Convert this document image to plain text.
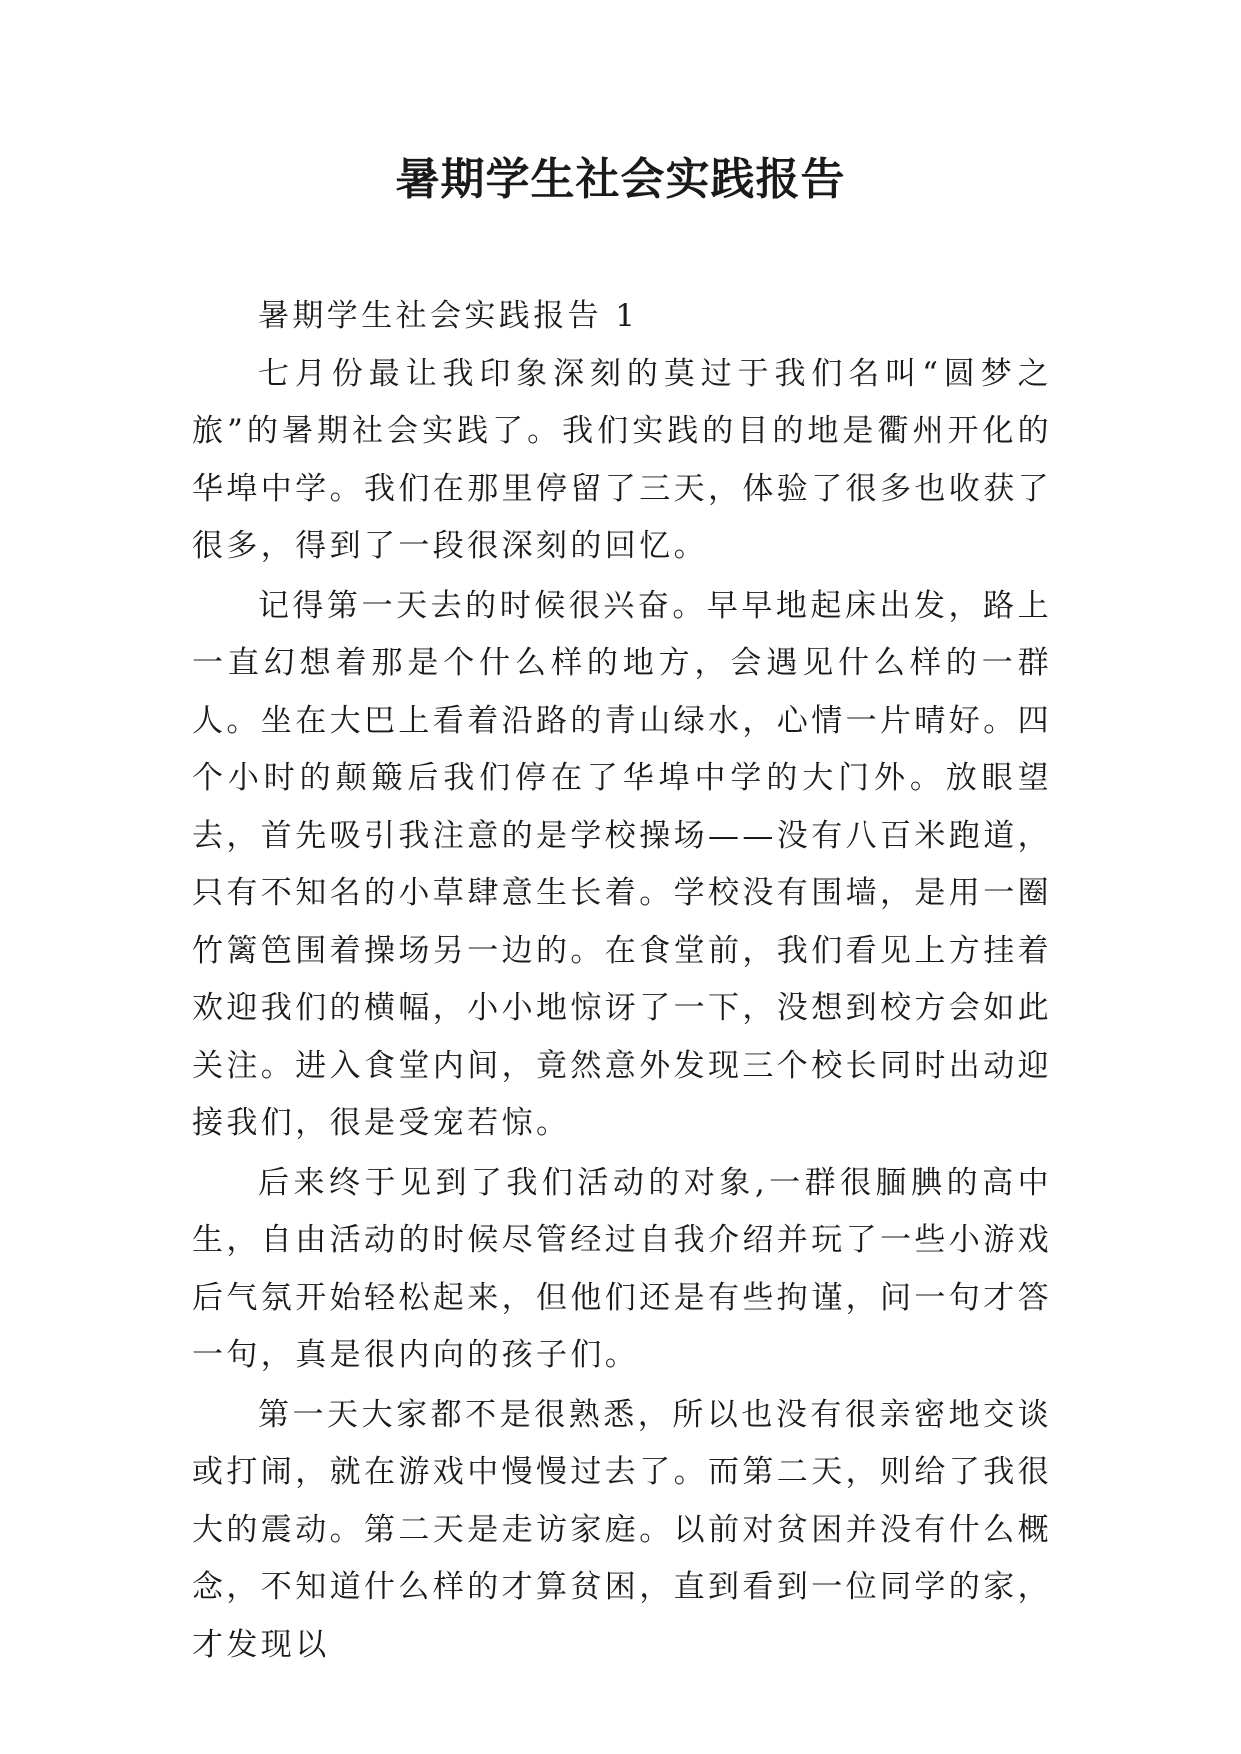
暑期学生社会实践报告

暑期学生社会实践报告 1

七月份最让我印象深刻的莫过于我们名叫“圆梦之旅”的暑期社会实践了。我们实践的目的地是衢州开化的华埠中学。我们在那里停留了三天，体验了很多也收获了很多，得到了一段很深刻的回忆。

记得第一天去的时候很兴奋。早早地起床出发，路上一直幻想着那是个什么样的地方，会遇见什么样的一群人。坐在大巴上看着沿路的青山绿水，心情一片晴好。四个小时的颠簸后我们停在了华埠中学的大门外。放眼望去，首先吸引我注意的是学校操场——没有八百米跑道，只有不知名的小草肆意生长着。学校没有围墙，是用一圈竹篱笆围着操场另一边的。在食堂前，我们看见上方挂着欢迎我们的横幅，小小地惊讶了一下，没想到校方会如此关注。进入食堂内间，竟然意外发现三个校长同时出动迎接我们，很是受宠若惊。

后来终于见到了我们活动的对象,一群很腼腆的高中生，自由活动的时候尽管经过自我介绍并玩了一些小游戏后气氛开始轻松起来，但他们还是有些拘谨，问一句才答一句，真是很内向的孩子们。

第一天大家都不是很熟悉，所以也没有很亲密地交谈或打闹，就在游戏中慢慢过去了。而第二天，则给了我很大的震动。第二天是走访家庭。以前对贫困并没有什么概念，不知道什么样的才算贫困，直到看到一位同学的家，才发现以
